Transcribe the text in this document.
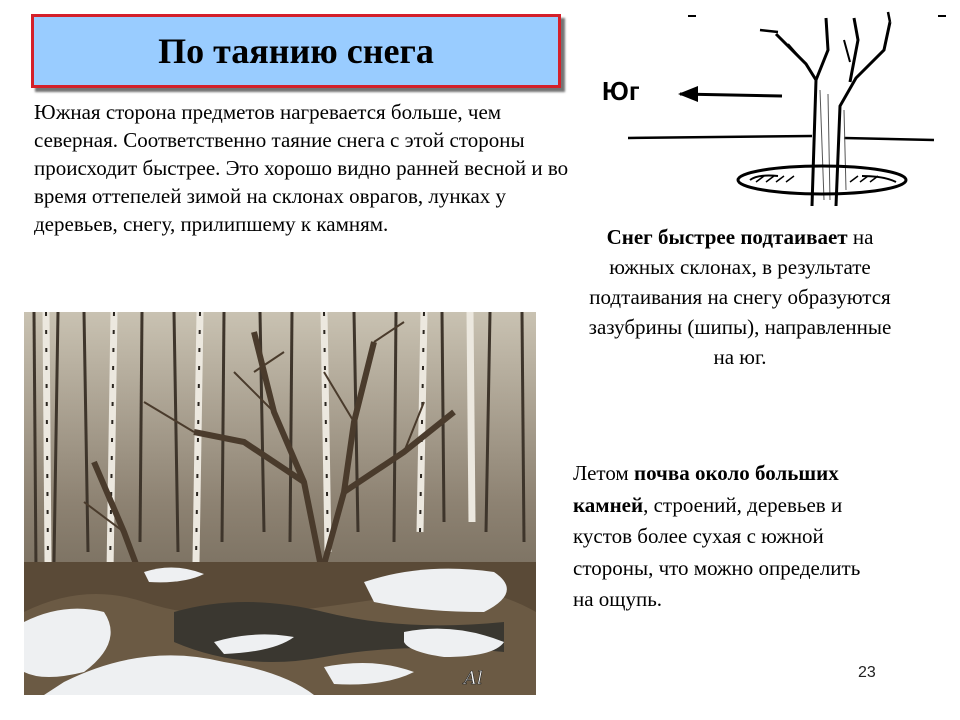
По таянию снега

Южная сторона предметов нагревается больше, чем северная. Соответственно таяние снега с этой стороны происходит быстрее. Это хорошо видно ранней весной и во время оттепелей зимой на склонах оврагов, лунках у деревьев, снегу, прилипшему к камням.

Юг

Снег быстрее подтаивает на южных склонах, в результате подтаивания на снегу образуются зазубрины (шипы), направленные на юг.

Al

Летом почва около больших камней, строений, деревьев и кустов более сухая с южной стороны, что можно определить на ощупь.

23
